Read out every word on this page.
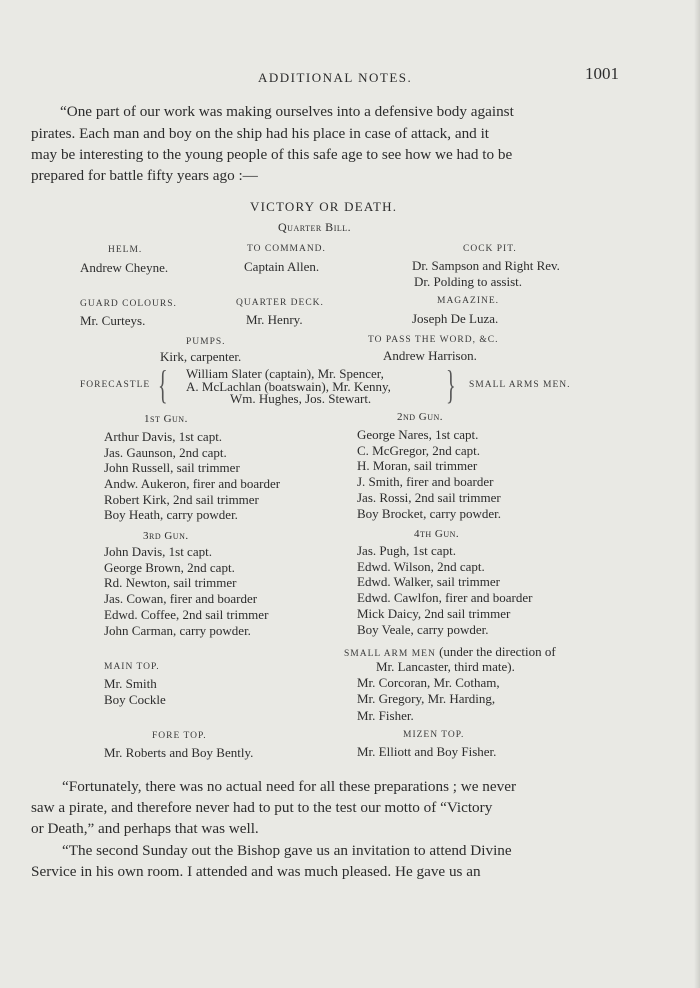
ADDITIONAL NOTES.	1001
“One part of our work was making ourselves into a defensive body against
pirates. Each man and boy on the ship had his place in case of attack, and it
may be interesting to the young people of this safe age to see how we had to be
prepared for battle fifty years ago :—
VICTORY OR DEATH.
Quarter Bill.
HELM.
Andrew Cheyne.
TO COMMAND.
Captain Allen.
COCK PIT.
Dr. Sampson and Right Rev.
Dr. Polding to assist.
GUARD COLOURS.
Mr. Curteys.
QUARTER DECK.
Mr. Henry.
MAGAZINE.
Joseph De Luza.
PUMPS.
Kirk, carpenter.
TO PASS THE WORD, &C.
Andrew Harrison.
FORECASTLE { William Slater (captain), Mr. Spencer,
A. McLachlan (boatswain), Mr. Kenny,
Wm. Hughes, Jos. Stewart. } SMALL ARMS MEN.
1st Gun.
Arthur Davis, 1st capt.
Jas. Gaunson, 2nd capt.
John Russell, sail trimmer
Andw. Aukeron, firer and boarder
Robert Kirk, 2nd sail trimmer
Boy Heath, carry powder.
2nd Gun.
George Nares, 1st capt.
C. McGregor, 2nd capt.
H. Moran, sail trimmer
J. Smith, firer and boarder
Jas. Rossi, 2nd sail trimmer
Boy Brocket, carry powder.
3rd Gun.
John Davis, 1st capt.
George Brown, 2nd capt.
Rd. Newton, sail trimmer
Jas. Cowan, firer and boarder
Edwd. Coffee, 2nd sail trimmer
John Carman, carry powder.
4th Gun.
Jas. Pugh, 1st capt.
Edwd. Wilson, 2nd capt.
Edwd. Walker, sail trimmer
Edwd. Cawlfon, firer and boarder
Mick Daicy, 2nd sail trimmer
Boy Veale, carry powder.
SMALL ARM MEN (under the direction of
Mr. Lancaster, third mate).
Mr. Corcoran, Mr. Cotham,
Mr. Gregory, Mr. Harding,
Mr. Fisher.
MAIN TOP.
Mr. Smith
Boy Cockle
FORE TOP.
Mr. Roberts and Boy Bently.
MIZEN TOP.
Mr. Elliott and Boy Fisher.
“Fortunately, there was no actual need for all these preparations ; we never
saw a pirate, and therefore never had to put to the test our motto of “Victory
or Death,” and perhaps that was well.
“The second Sunday out the Bishop gave us an invitation to attend Divine
Service in his own room. I attended and was much pleased. He gave us an
